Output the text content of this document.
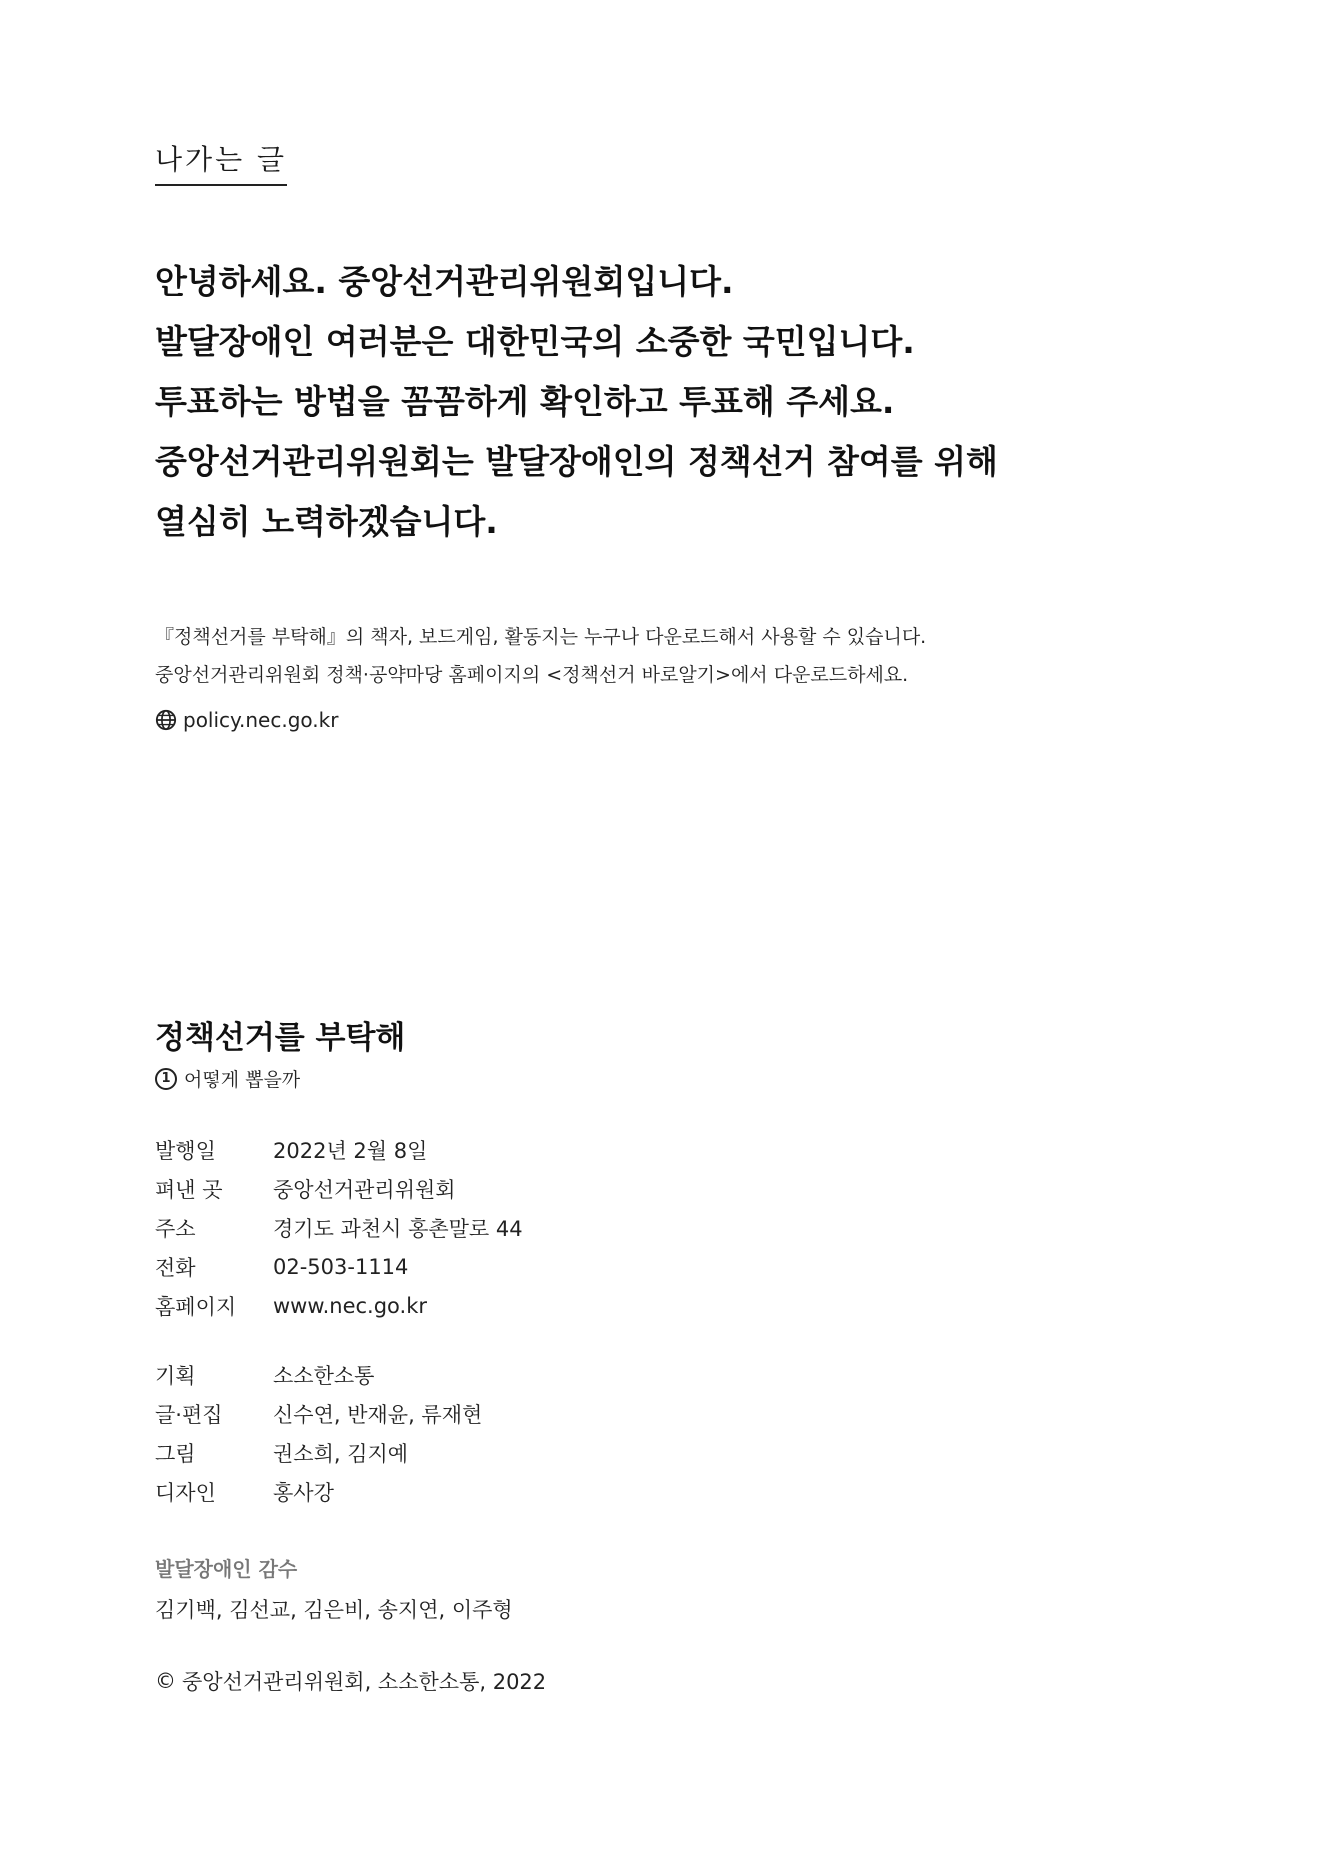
나가는 글
안녕하세요. 중앙선거관리위원회입니다.
발달장애인 여러분은 대한민국의 소중한 국민입니다.
투표하는 방법을 꼼꼼하게 확인하고 투표해 주세요.
중앙선거관리위원회는 발달장애인의 정책선거 참여를 위해
열심히 노력하겠습니다.
『정책선거를 부탁해』의 책자, 보드게임, 활동지는 누구나 다운로드해서 사용할 수 있습니다.
중앙선거관리위원회 정책·공약마당 홈페이지의 <정책선거 바로알기>에서 다운로드하세요.
policy.nec.go.kr
정책선거를 부탁해
1 어떻게 뽑을까
발행일	2022년 2월 8일
펴낸 곳	중앙선거관리위원회
주소	경기도 과천시 홍촌말로 44
전화	02-503-1114
홈페이지	www.nec.go.kr
기획	소소한소통
글·편집	신수연, 반재윤, 류재현
그림	권소희, 김지예
디자인	홍사강
발달장애인 감수
김기백, 김선교, 김은비, 송지연, 이주형
© 중앙선거관리위원회, 소소한소통, 2022
